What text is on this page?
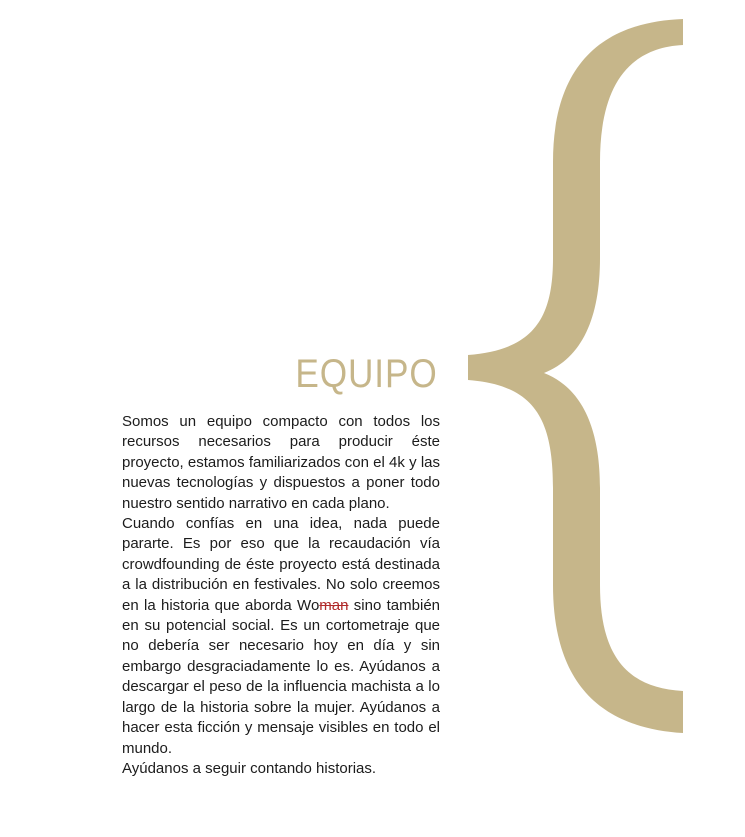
EQUIPO

Somos un equipo compacto con todos los recursos necesarios para producir éste proyecto, estamos familiarizados con el 4k y las nuevas tecnologías y dispuestos a poner todo nuestro sentido narrativo en cada plano.

Cuando confías en una idea, nada puede pararte. Es por eso que la recaudación vía crowdfounding de éste proyecto está destinada a la distribución en festivales. No solo creemos en la historia que aborda Woman sino también en su potencial social. Es un cortometraje que no debería ser necesario hoy en día y sin embargo desgraciadamente lo es. Ayúdanos a descargar el peso de la influencia machista a lo largo de la historia sobre la mujer. Ayúdanos a hacer esta ficción y mensaje visibles en todo el mundo.

Ayúdanos a seguir contando historias.
